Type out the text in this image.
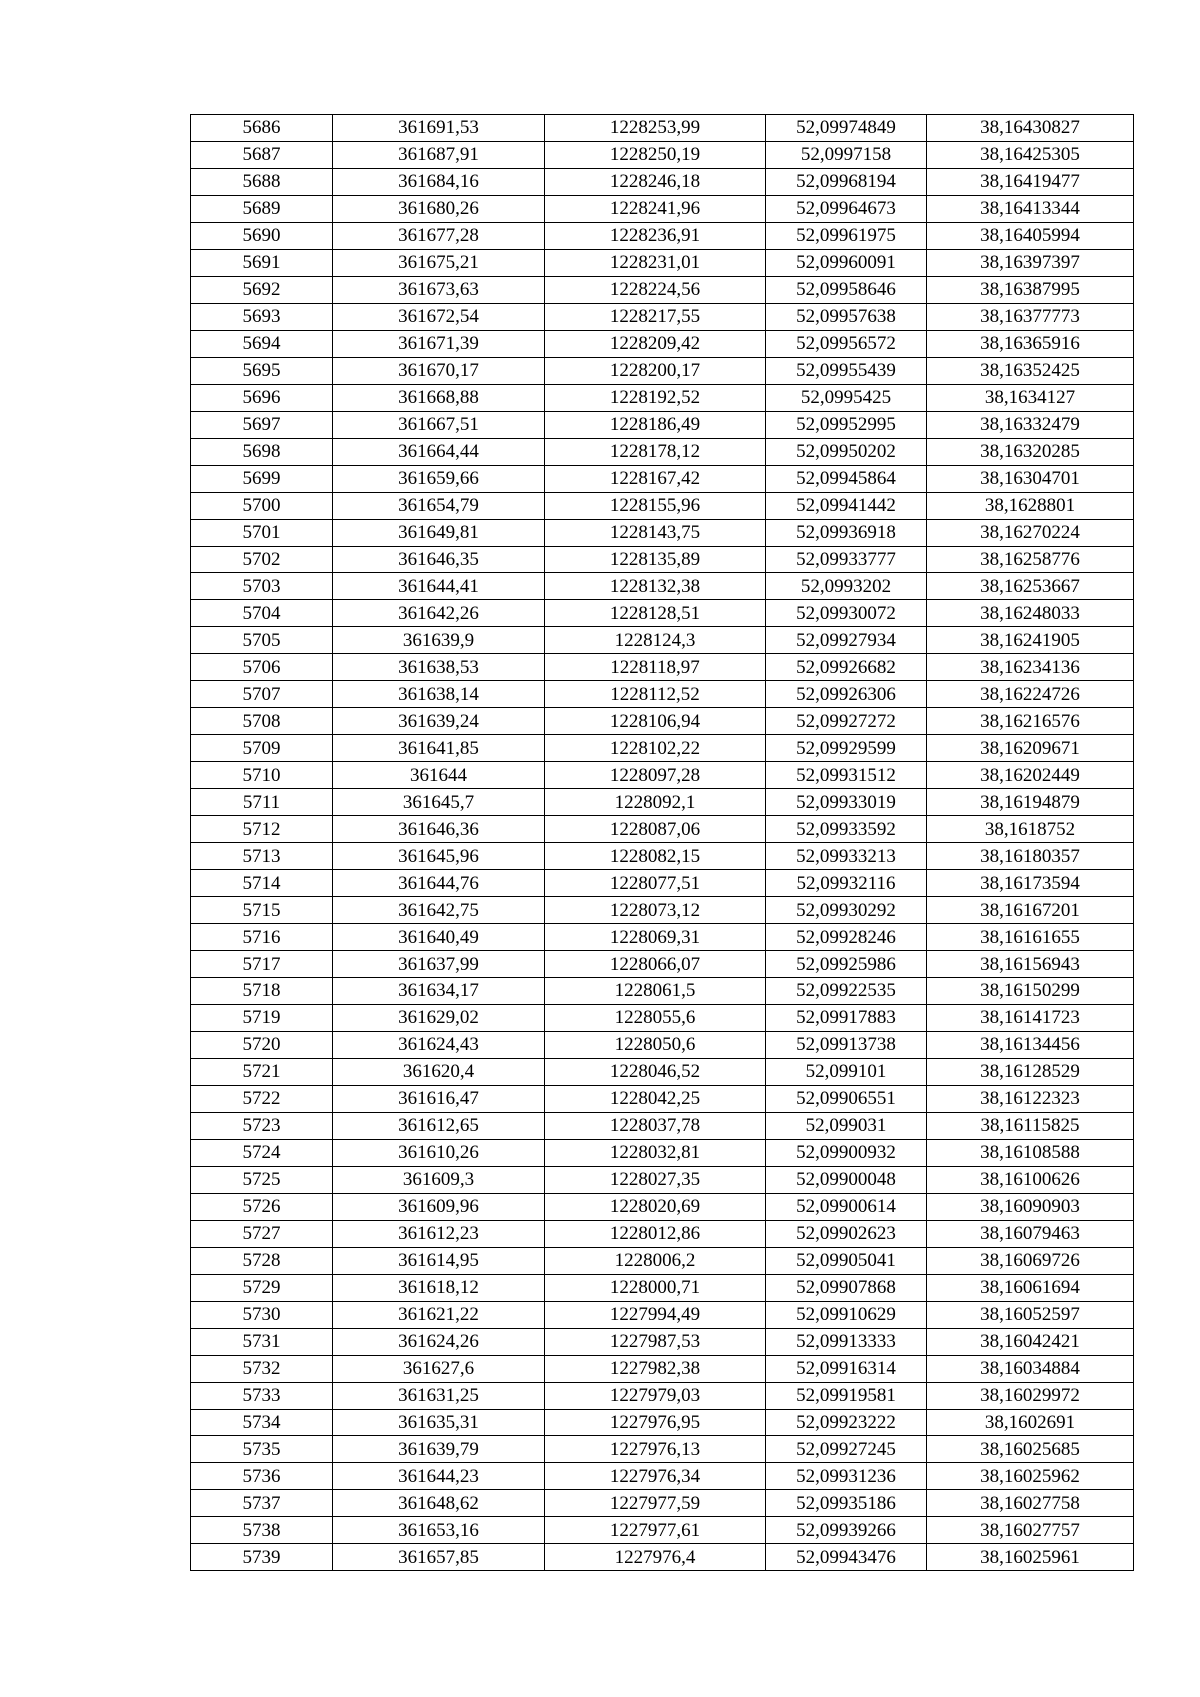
5686	361691,53	1228253,99	52,09974849	38,16430827
5687	361687,91	1228250,19	52,0997158	38,16425305
5688	361684,16	1228246,18	52,09968194	38,16419477
5689	361680,26	1228241,96	52,09964673	38,16413344
5690	361677,28	1228236,91	52,09961975	38,16405994
5691	361675,21	1228231,01	52,09960091	38,16397397
5692	361673,63	1228224,56	52,09958646	38,16387995
5693	361672,54	1228217,55	52,09957638	38,16377773
5694	361671,39	1228209,42	52,09956572	38,16365916
5695	361670,17	1228200,17	52,09955439	38,16352425
5696	361668,88	1228192,52	52,0995425	38,1634127
5697	361667,51	1228186,49	52,09952995	38,16332479
5698	361664,44	1228178,12	52,09950202	38,16320285
5699	361659,66	1228167,42	52,09945864	38,16304701
5700	361654,79	1228155,96	52,09941442	38,1628801
5701	361649,81	1228143,75	52,09936918	38,16270224
5702	361646,35	1228135,89	52,09933777	38,16258776
5703	361644,41	1228132,38	52,0993202	38,16253667
5704	361642,26	1228128,51	52,09930072	38,16248033
5705	361639,9	1228124,3	52,09927934	38,16241905
5706	361638,53	1228118,97	52,09926682	38,16234136
5707	361638,14	1228112,52	52,09926306	38,16224726
5708	361639,24	1228106,94	52,09927272	38,16216576
5709	361641,85	1228102,22	52,09929599	38,16209671
5710	361644	1228097,28	52,09931512	38,16202449
5711	361645,7	1228092,1	52,09933019	38,16194879
5712	361646,36	1228087,06	52,09933592	38,1618752
5713	361645,96	1228082,15	52,09933213	38,16180357
5714	361644,76	1228077,51	52,09932116	38,16173594
5715	361642,75	1228073,12	52,09930292	38,16167201
5716	361640,49	1228069,31	52,09928246	38,16161655
5717	361637,99	1228066,07	52,09925986	38,16156943
5718	361634,17	1228061,5	52,09922535	38,16150299
5719	361629,02	1228055,6	52,09917883	38,16141723
5720	361624,43	1228050,6	52,09913738	38,16134456
5721	361620,4	1228046,52	52,099101	38,16128529
5722	361616,47	1228042,25	52,09906551	38,16122323
5723	361612,65	1228037,78	52,099031	38,16115825
5724	361610,26	1228032,81	52,09900932	38,16108588
5725	361609,3	1228027,35	52,09900048	38,16100626
5726	361609,96	1228020,69	52,09900614	38,16090903
5727	361612,23	1228012,86	52,09902623	38,16079463
5728	361614,95	1228006,2	52,09905041	38,16069726
5729	361618,12	1228000,71	52,09907868	38,16061694
5730	361621,22	1227994,49	52,09910629	38,16052597
5731	361624,26	1227987,53	52,09913333	38,16042421
5732	361627,6	1227982,38	52,09916314	38,16034884
5733	361631,25	1227979,03	52,09919581	38,16029972
5734	361635,31	1227976,95	52,09923222	38,1602691
5735	361639,79	1227976,13	52,09927245	38,16025685
5736	361644,23	1227976,34	52,09931236	38,16025962
5737	361648,62	1227977,59	52,09935186	38,16027758
5738	361653,16	1227977,61	52,09939266	38,16027757
5739	361657,85	1227976,4	52,09943476	38,16025961
